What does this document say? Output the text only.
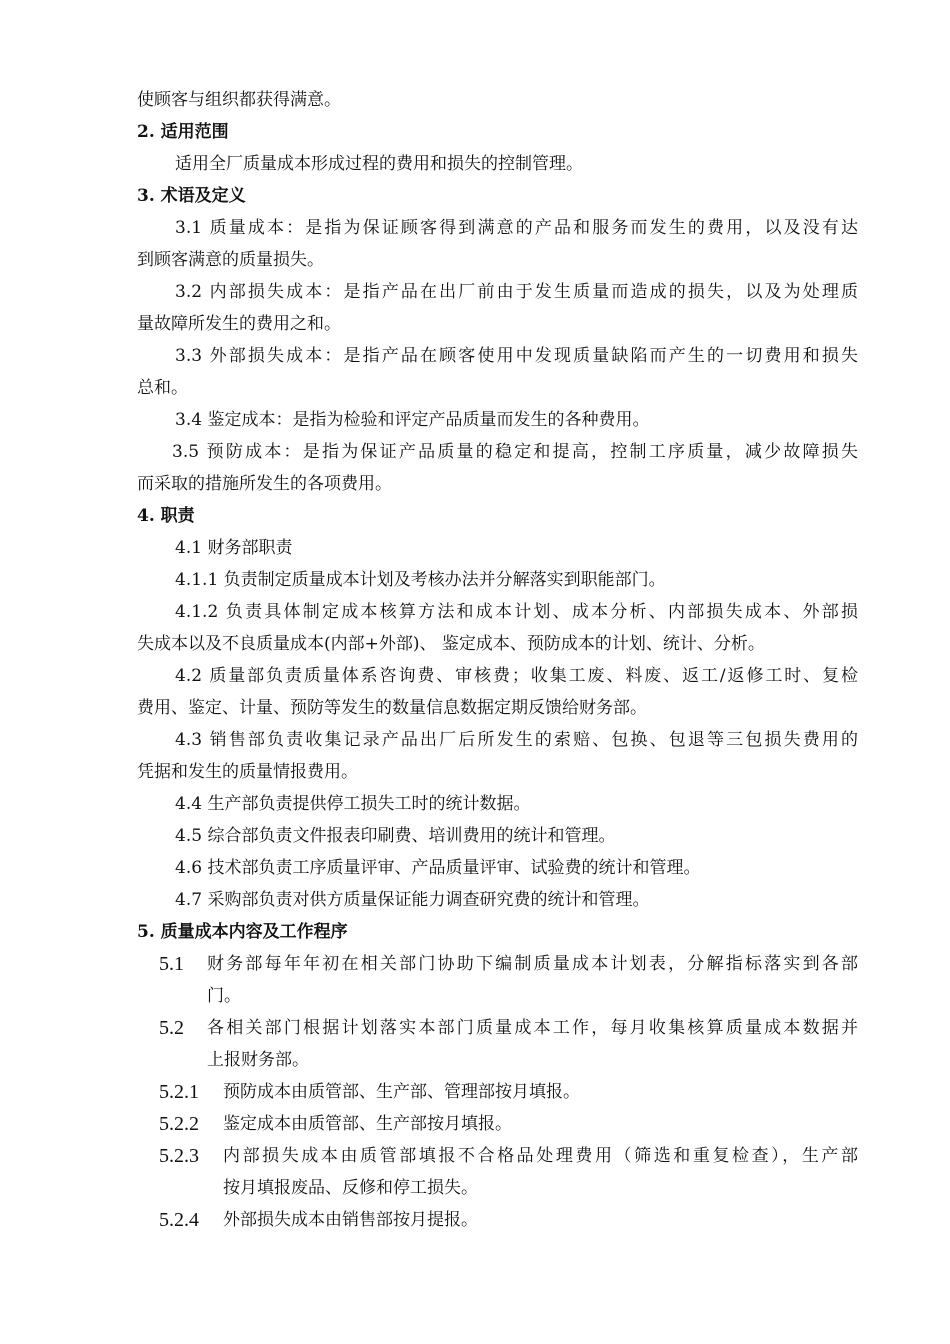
使顾客与组织都获得满意。
2. 适用范围
适用全厂质量成本形成过程的费用和损失的控制管理。
3. 术语及定义
3.1 质量成本：是指为保证顾客得到满意的产品和服务而发生的费用，以及没有达
到顾客满意的质量损失。
3.2 内部损失成本：是指产品在出厂前由于发生质量而造成的损失，以及为处理质
量故障所发生的费用之和。
3.3 外部损失成本：是指产品在顾客使用中发现质量缺陷而产生的一切费用和损失
总和。
3.4 鉴定成本：是指为检验和评定产品质量而发生的各种费用。
3.5 预防成本：是指为保证产品质量的稳定和提高，控制工序质量，减少故障损失
而采取的措施所发生的各项费用。
4. 职责
4.1 财务部职责
4.1.1 负责制定质量成本计划及考核办法并分解落实到职能部门。
4.1.2 负责具体制定成本核算方法和成本计划、成本分析、内部损失成本、外部损
失成本以及不良质量成本(内部+外部)、 鉴定成本、预防成本的计划、统计、分析。
4.2 质量部负责质量体系咨询费、审核费；收集工废、料废、返工/返修工时、复检
费用、鉴定、计量、预防等发生的数量信息数据定期反馈给财务部。
4.3 销售部负责收集记录产品出厂后所发生的索赔、包换、包退等三包损失费用的
凭据和发生的质量情报费用。
4.4 生产部负责提供停工损失工时的统计数据。
4.5 综合部负责文件报表印刷费、培训费用的统计和管理。
4.6 技术部负责工序质量评审、产品质量评审、试验费的统计和管理。
4.7 采购部负责对供方质量保证能力调查研究费的统计和管理。
5. 质量成本内容及工作程序
5.1 财务部每年年初在相关部门协助下编制质量成本计划表，分解指标落实到各部
门。
5.2 各相关部门根据计划落实本部门质量成本工作，每月收集核算质量成本数据并
上报财务部。
5.2.1 预防成本由质管部、生产部、管理部按月填报。
5.2.2 鉴定成本由质管部、生产部按月填报。
5.2.3 内部损失成本由质管部填报不合格品处理费用（筛选和重复检查），生产部
按月填报废品、反修和停工损失。
5.2.4 外部损失成本由销售部按月提报。
